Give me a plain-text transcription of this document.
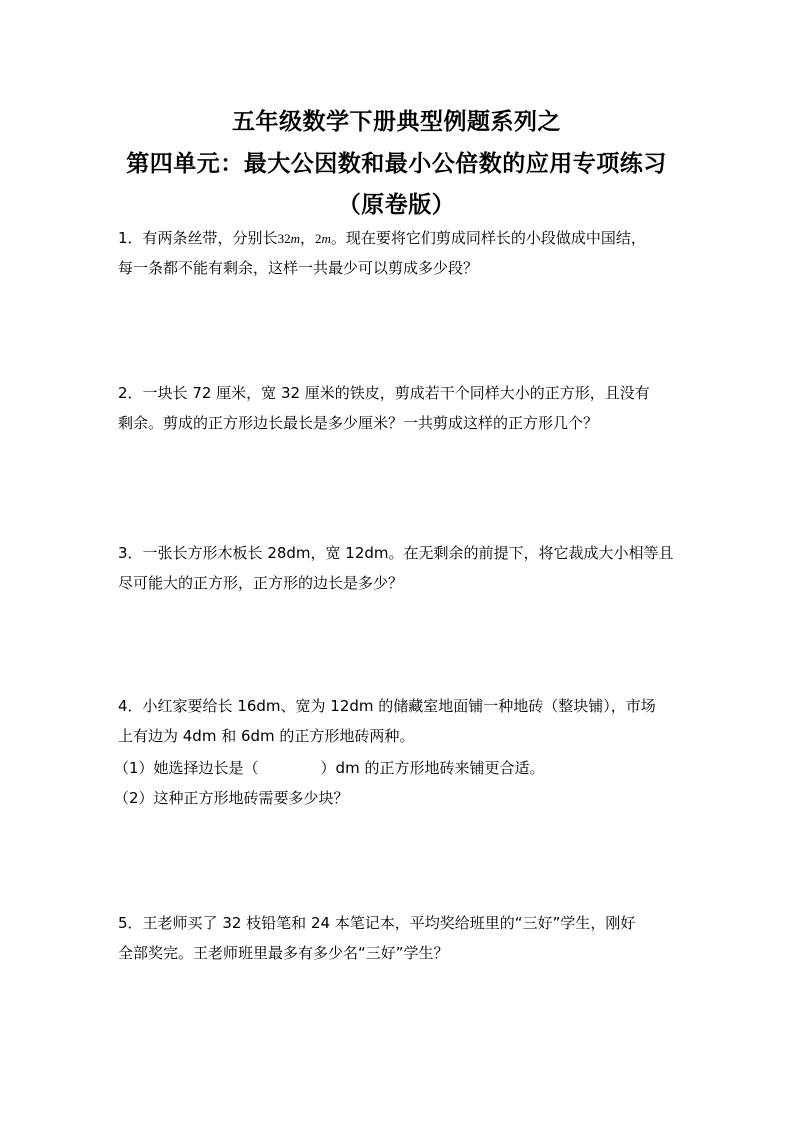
五年级数学下册典型例题系列之
第四单元：最大公因数和最小公倍数的应用专项练习
（原卷版）
1．有两条丝带，分别长32m，2m。现在要将它们剪成同样长的小段做成中国结，
每一条都不能有剩余，这样一共最少可以剪成多少段？
2．一块长 72 厘米，宽 32 厘米的铁皮，剪成若干个同样大小的正方形，且没有
剩余。剪成的正方形边长最长是多少厘米？一共剪成这样的正方形几个？
3．一张长方形木板长 28dm，宽 12dm。在无剩余的前提下，将它裁成大小相等且
尽可能大的正方形，正方形的边长是多少？
4．小红家要给长 16dm、宽为 12dm 的储藏室地面铺一种地砖（整块铺），市场
上有边为 4dm 和 6dm 的正方形地砖两种。
（1）她选择边长是（	）dm 的正方形地砖来铺更合适。
（2）这种正方形地砖需要多少块？
5．王老师买了 32 枝铅笔和 24 本笔记本，平均奖给班里的“三好”学生，刚好
全部奖完。王老师班里最多有多少名“三好”学生？
